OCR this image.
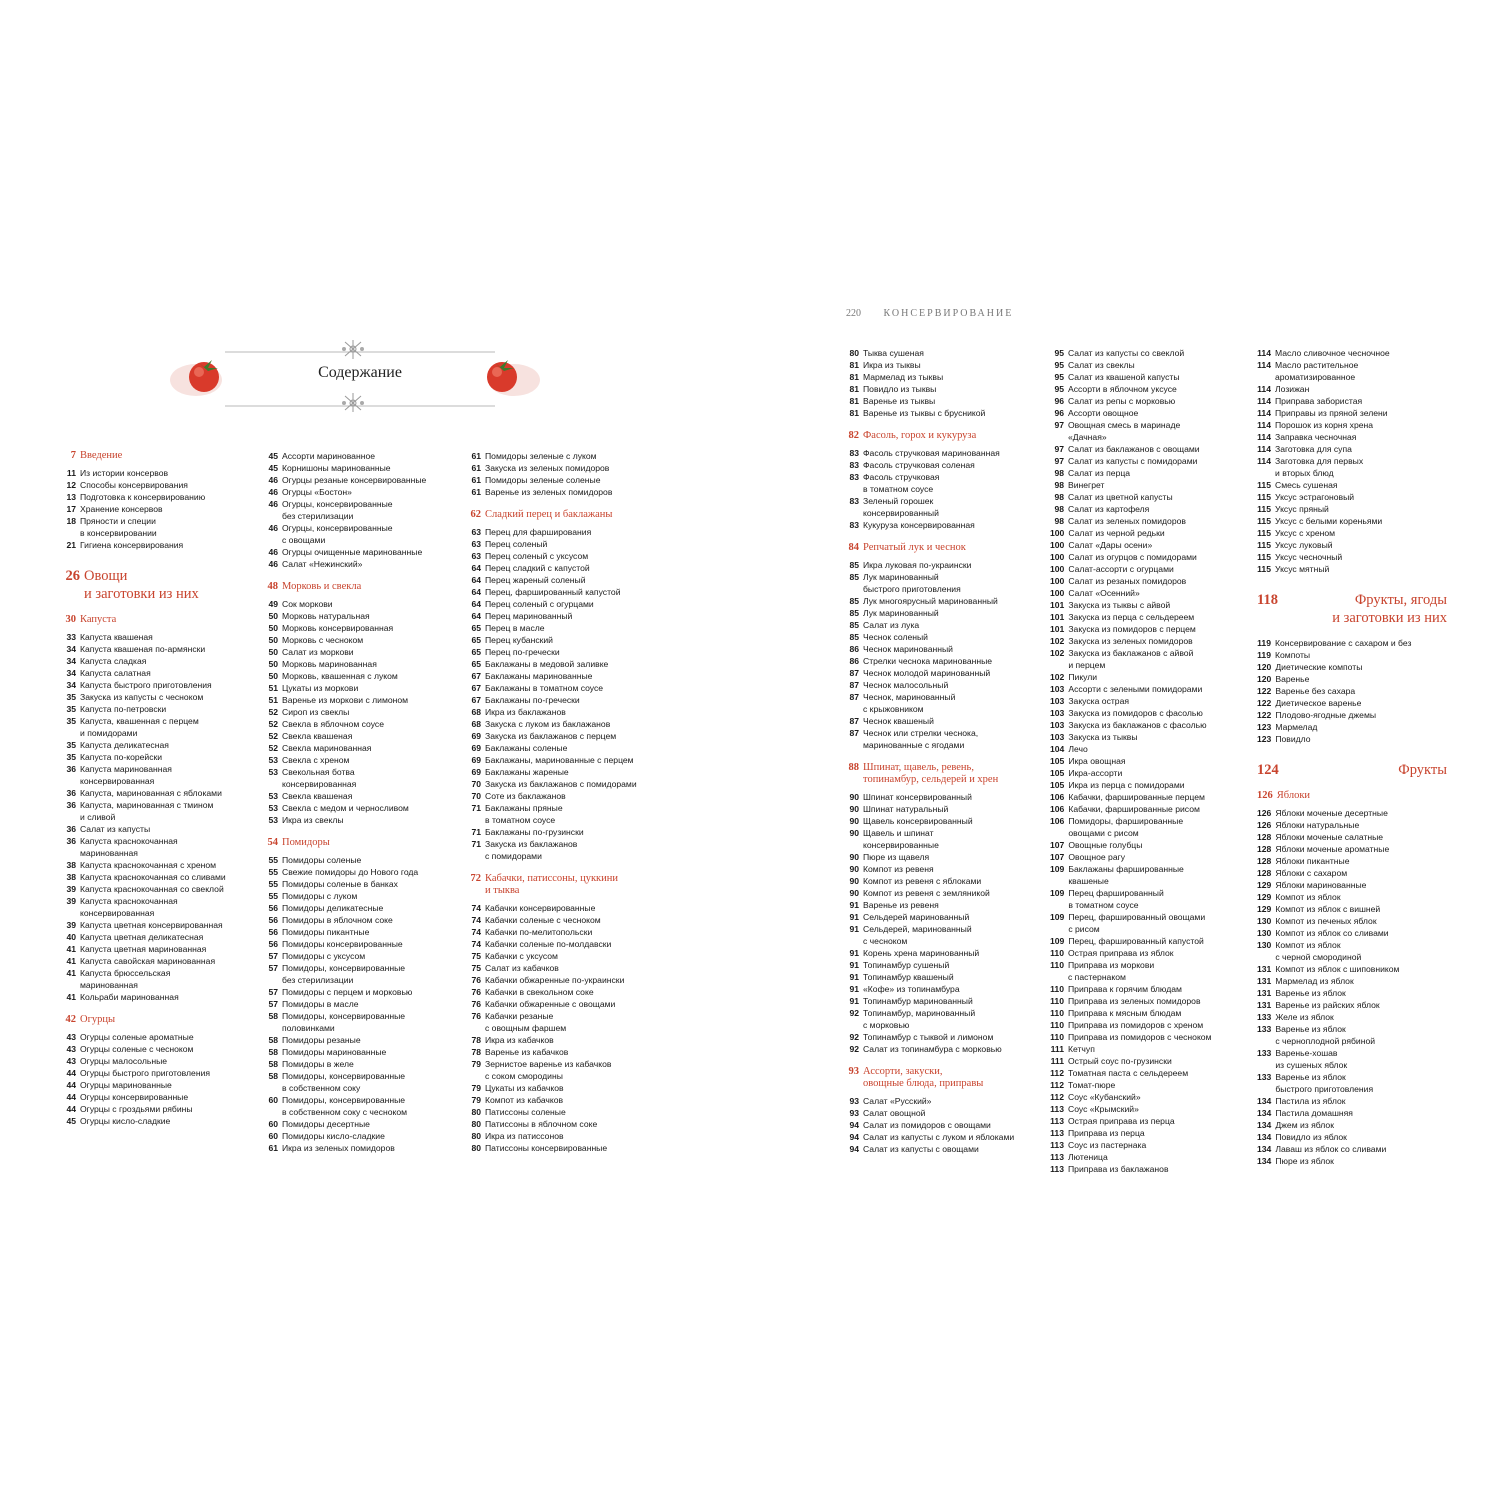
220 КОНСЕРВИРОВАНИЕ
Содержание
7 Введение
11 Из истории консервов
12 Способы консервирования
13 Подготовка к консервированию
17 Хранение консервов
18 Пряности и специи
в консервировании
21 Гигиена консервирования
26 Овощи
и заготовки из них
30 Капуста
33 Капуста квашеная
34 Капуста квашеная по-армянски
34 Капуста сладкая
34 Капуста салатная
34 Капуста быстрого приготовления
35 Закуска из капусты с чесноком
35 Капуста по-петровски
35 Капуста, квашенная с перцем
и помидорами
35 Капуста деликатесная
35 Капуста по-корейски
36 Капуста маринованная
консервированная
36 Капуста, маринованная с яблоками
36 Капуста, маринованная с тмином
и сливой
36 Салат из капусты
36 Капуста краснокочанная
маринованная
38 Капуста краснокочанная с хреном
38 Капуста краснокочанная со сливами
39 Капуста краснокочанная со свеклой
39 Капуста краснокочанная
консервированная
39 Капуста цветная консервированная
40 Капуста цветная деликатесная
41 Капуста цветная маринованная
41 Капуста савойская маринованная
41 Капуста брюссельская
маринованная
41 Кольраби маринованная
42 Огурцы
43 Огурцы соленые ароматные
43 Огурцы соленые с чесноком
43 Огурцы малосольные
44 Огурцы быстрого приготовления
44 Огурцы маринованные
44 Огурцы консервированные
44 Огурцы с гроздьями рябины
45 Огурцы кисло-сладкие
45 Ассорти маринованное
45 Корнишоны маринованные
46 Огурцы резаные консервированные
46 Огурцы «Бостон»
46 Огурцы, консервированные
без стерилизации
46 Огурцы, консервированные
с овощами
46 Огурцы очищенные маринованные
46 Салат «Нежинский»
48 Морковь и свекла
49 Сок моркови
50 Морковь натуральная
50 Морковь консервированная
50 Морковь с чесноком
50 Салат из моркови
50 Морковь маринованная
50 Морковь, квашенная с луком
51 Цукаты из моркови
51 Варенье из моркови с лимоном
52 Сироп из свеклы
52 Свекла в яблочном соусе
52 Свекла квашеная
52 Свекла маринованная
53 Свекла с хреном
53 Свекольная ботва
консервированная
53 Свекла квашеная
53 Свекла с медом и черносливом
53 Икра из свеклы
54 Помидоры
55 Помидоры соленые
55 Свежие помидоры до Нового года
55 Помидоры соленые в банках
55 Помидоры с луком
56 Помидоры деликатесные
56 Помидоры в яблочном соке
56 Помидоры пикантные
56 Помидоры консервированные
57 Помидоры с уксусом
57 Помидоры, консервированные
без стерилизации
57 Помидоры с перцем и морковью
57 Помидоры в масле
58 Помидоры, консервированные
половинками
58 Помидоры резаные
58 Помидоры маринованные
58 Помидоры в желе
58 Помидоры, консервированные
в собственном соку
60 Помидоры, консервированные
в собственном соку с чесноком
60 Помидоры десертные
60 Помидоры кисло-сладкие
61 Икра из зеленых помидоров
61 Помидоры зеленые с луком
61 Закуска из зеленых помидоров
61 Помидоры зеленые соленые
61 Варенье из зеленых помидоров
62 Сладкий перец и баклажаны
63 Перец для фарширования
63 Перец соленый
63 Перец соленый с уксусом
64 Перец сладкий с капустой
64 Перец жареный соленый
64 Перец, фаршированный капустой
64 Перец соленый с огурцами
64 Перец маринованный
65 Перец в масле
65 Перец кубанский
65 Перец по-гречески
65 Баклажаны в медовой заливке
67 Баклажаны маринованные
67 Баклажаны в томатном соусе
67 Баклажаны по-гречески
68 Икра из баклажанов
68 Закуска с луком из баклажанов
69 Закуска из баклажанов с перцем
69 Баклажаны соленые
69 Баклажаны, маринованные с перцем
69 Баклажаны жареные
70 Закуска из баклажанов с помидорами
70 Соте из баклажанов
71 Баклажаны пряные
в томатном соусе
71 Баклажаны по-грузински
71 Закуска из баклажанов
с помидорами
72 Кабачки, патиссоны, цуккини
и тыква
74 Кабачки консервированные
74 Кабачки соленые с чесноком
74 Кабачки по-мелитопольски
74 Кабачки соленые по-молдавски
75 Кабачки с уксусом
75 Салат из кабачков
76 Кабачки обжаренные по-украински
76 Кабачки в свекольном соке
76 Кабачки обжаренные с овощами
76 Кабачки резаные
с овощным фаршем
78 Икра из кабачков
78 Варенье из кабачков
79 Зернистое варенье из кабачков
с соком смородины
79 Цукаты из кабачков
79 Компот из кабачков
80 Патиссоны соленые
80 Патиссоны в яблочном соке
80 Икра из патиссонов
80 Патиссоны консервированные
80 Тыква сушеная
81 Икра из тыквы
81 Мармелад из тыквы
81 Повидло из тыквы
81 Варенье из тыквы
81 Варенье из тыквы с брусникой
82 Фасоль, горох и кукуруза
83 Фасоль стручковая маринованная
83 Фасоль стручковая соленая
83 Фасоль стручковая
в томатном соусе
83 Зеленый горошек
консервированный
83 Кукуруза консервированная
84 Репчатый лук и чеснок
85 Икра луковая по-украински
85 Лук маринованный
быстрого приготовления
85 Лук многоярусный маринованный
85 Лук маринованный
85 Салат из лука
85 Чеснок соленый
86 Чеснок маринованный
86 Стрелки чеснока маринованные
87 Чеснок молодой маринованный
87 Чеснок малосольный
87 Чеснок, маринованный
с крыжовником
87 Чеснок квашеный
87 Чеснок или стрелки чеснока,
маринованные с ягодами
88 Шпинат, щавель, ревень,
топинамбур, сельдерей и хрен
90 Шпинат консервированный
90 Шпинат натуральный
90 Щавель консервированный
90 Щавель и шпинат
консервированные
90 Пюре из щавеля
90 Компот из ревеня
90 Компот из ревеня с яблоками
90 Компот из ревеня с земляникой
91 Варенье из ревеня
91 Сельдерей маринованный
91 Сельдерей, маринованный
с чесноком
91 Корень хрена маринованный
91 Топинамбур сушеный
91 Топинамбур квашеный
91 «Кофе» из топинамбура
91 Топинамбур маринованный
92 Топинамбур, маринованный
с морковью
92 Топинамбур с тыквой и лимоном
92 Салат из топинамбура с морковью
93 Ассорти, закуски,
овощные блюда, приправы
93 Салат «Русский»
93 Салат овощной
94 Салат из помидоров с овощами
94 Салат из капусты с луком и яблоками
94 Салат из капусты с овощами
95 Салат из капусты со свеклой
95 Салат из свеклы
95 Салат из квашеной капусты
95 Ассорти в яблочном уксусе
96 Салат из репы с морковью
96 Ассорти овощное
97 Овощная смесь в маринаде
«Дачная»
97 Салат из баклажанов с овощами
97 Салат из капусты с помидорами
98 Салат из перца
98 Винегрет
98 Салат из цветной капусты
98 Салат из картофеля
98 Салат из зеленых помидоров
100 Салат из черной редьки
100 Салат «Дары осени»
100 Салат из огурцов с помидорами
100 Салат-ассорти с огурцами
100 Салат из резаных помидоров
100 Салат «Осенний»
101 Закуска из тыквы с айвой
101 Закуска из перца с сельдереем
101 Закуска из помидоров с перцем
102 Закуска из зеленых помидоров
102 Закуска из баклажанов с айвой
и перцем
102 Пикули
103 Ассорти с зелеными помидорами
103 Закуска острая
103 Закуска из помидоров с фасолью
103 Закуска из баклажанов с фасолью
103 Закуска из тыквы
104 Лечо
105 Икра овощная
105 Икра-ассорти
105 Икра из перца с помидорами
106 Кабачки, фаршированные перцем
106 Кабачки, фаршированные рисом
106 Помидоры, фаршированные
овощами с рисом
107 Овощные голубцы
107 Овощное рагу
109 Баклажаны фаршированные
квашеные
109 Перец фаршированный
в томатном соусе
109 Перец, фаршированный овощами
с рисом
109 Перец, фаршированный капустой
110 Острая приправа из яблок
110 Приправа из моркови
с пастернаком
110 Приправа к горячим блюдам
110 Приправа из зеленых помидоров
110 Приправа к мясным блюдам
110 Приправа из помидоров с хреном
110 Приправа из помидоров с чесноком
111 Кетчуп
111 Острый соус по-грузински
112 Томатная паста с сельдереем
112 Томат-пюре
112 Соус «Кубанский»
113 Соус «Крымский»
113 Острая приправа из перца
113 Приправа из перца
113 Соус из пастернака
113 Лютеница
113 Приправа из баклажанов
114 Масло сливочное чесночное
114 Масло растительное
ароматизированное
114 Лозижан
114 Приправа забористая
114 Приправы из пряной зелени
114 Порошок из корня хрена
114 Заправка чесночная
114 Заготовка для супа
114 Заготовка для первых
и вторых блюд
115 Смесь сушеная
115 Уксус эстрагоновый
115 Уксус пряный
115 Уксус с белыми кореньями
115 Уксус с хреном
115 Уксус луковый
115 Уксус чесночный
115 Уксус мятный
118	Фрукты, ягоды
и заготовки из них
119 Консервирование с сахаром и без
119 Компоты
120 Диетические компоты
120 Варенье
122 Варенье без сахара
122 Диетическое варенье
122 Плодово-ягодные джемы
123 Мармелад
123 Повидло
124	Фрукты
126 Яблоки
126 Яблоки моченые десертные
126 Яблоки натуральные
128 Яблоки моченые салатные
128 Яблоки моченые ароматные
128 Яблоки пикантные
128 Яблоки с сахаром
129 Яблоки маринованные
129 Компот из яблок
129 Компот из яблок с вишней
130 Компот из печеных яблок
130 Компот из яблок со сливами
130 Компот из яблок
с черной смородиной
131 Компот из яблок с шиповником
131 Мармелад из яблок
131 Варенье из яблок
131 Варенье из райских яблок
133 Желе из яблок
133 Варенье из яблок
с черноплодной рябиной
133 Варенье-хошав
из сушеных яблок
133 Варенье из яблок
быстрого приготовления
134 Пастила из яблок
134 Пастила домашняя
134 Джем из яблок
134 Повидло из яблок
134 Лаваш из яблок со сливами
134 Пюре из яблок
